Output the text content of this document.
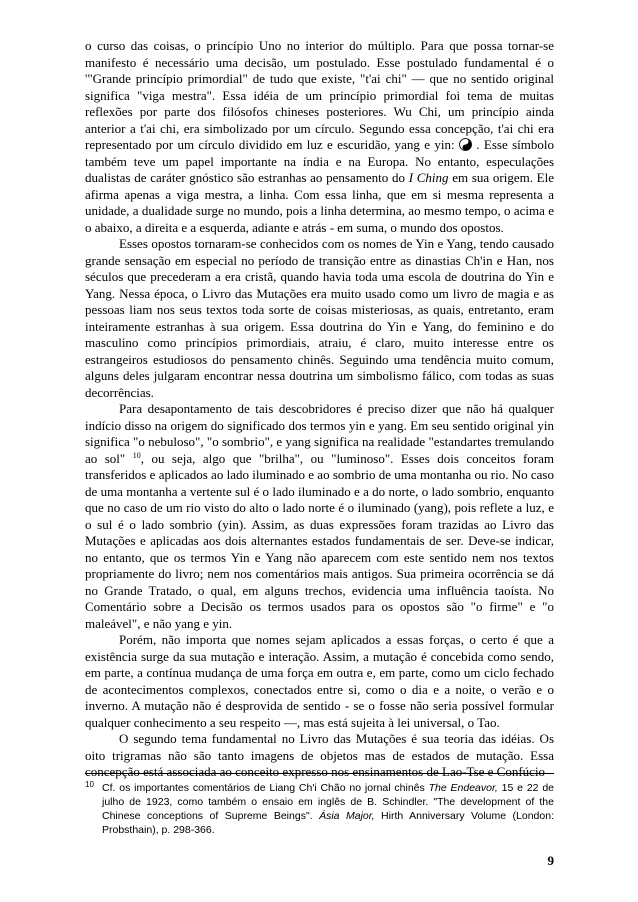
o curso das coisas, o princípio Uno no interior do múltiplo. Para que possa tornar-se manifesto é necessário uma decisão, um postulado. Esse postulado fundamental é o '"Grande princípio primordial" de tudo que existe, "t'ai chi" — que no sentido original significa "viga mestra". Essa idéia de um princípio primordial foi tema de muitas reflexões por parte dos filósofos chineses posteriores. Wu Chi, um princípio ainda anterior a t'ai chi, era simbolizado por um círculo. Segundo essa concepção, t'ai chi era representado por um círculo dividido em luz e escuridão, yang e yin:  . Esse símbolo também teve um papel importante na índia e na Europa. No entanto, especulações dualistas de caráter gnóstico são estranhas ao pensamento do I Ching em sua origem. Ele afirma apenas a viga mestra, a linha. Com essa linha, que em si mesma representa a unidade, a dualidade surge no mundo, pois a linha determina, ao mesmo tempo, o acima e o abaixo, a direita e a esquerda, adiante e atrás - em suma, o mundo dos opostos.

Esses opostos tornaram-se conhecidos com os nomes de Yin e Yang, tendo causado grande sensação em especial no período de transição entre as dinastias Ch'in e Han, nos séculos que precederam a era cristã, quando havia toda uma escola de doutrina do Yin e Yang. Nessa época, o Livro das Mutações era muito usado como um livro de magia e as pessoas liam nos seus textos toda sorte de coisas misteriosas, as quais, entretanto, eram inteiramente estranhas à sua origem. Essa doutrina do Yin e Yang, do feminino e do masculino como princípios primordiais, atraiu, é claro, muito interesse entre os estrangeiros estudiosos do pensamento chinês. Seguindo uma tendência muito comum, alguns deles julgaram encontrar nessa doutrina um simbolismo fálico, com todas as suas decorrências.

Para desapontamento de tais descobridores é preciso dizer que não há qualquer indício disso na origem do significado dos termos yin e yang. Em seu sentido original yin significa "o nebuloso", "o sombrio", e yang significa na realidade "estandartes tremulando ao sol" $^{10}$, ou seja, algo que "brilha", ou "luminoso". Esses dois conceitos foram transferidos e aplicados ao lado iluminado e ao sombrio de uma montanha ou rio. No caso de uma montanha a vertente sul é o lado iluminado e a do norte, o lado sombrio, enquanto que no caso de um rio visto do alto o lado norte é o iluminado (yang), pois reflete a luz, e o sul é o lado sombrio (yin). Assim, as duas expressões foram trazidas ao Livro das Mutações e aplicadas aos dois alternantes estados fundamentais de ser. Deve-se indicar, no entanto, que os termos Yin e Yang não aparecem com este sentido nem nos textos propriamente do livro; nem nos comentários mais antigos. Sua primeira ocorrência se dá no Grande Tratado, o qual, em alguns trechos, evidencia uma influência taoísta. No Comentário sobre a Decisão os termos usados para os opostos são "o firme" e "o maleável", e não yang e yin.

Porém, não importa que nomes sejam aplicados a essas forças, o certo é que a existência surge da sua mutação e interação. Assim, a mutação é concebida como sendo, em parte, a contínua mudança de uma força em outra e, em parte, como um ciclo fechado de acontecimentos complexos, conectados entre si, como o dia e a noite, o verão e o inverno. A mutação não é desprovida de sentido - se o fosse não seria possível formular qualquer conhecimento a seu respeito —, mas está sujeita à lei universal, o Tao.

O segundo tema fundamental no Livro das Mutações é sua teoria das idéias. Os oito trigramas não são tanto imagens de objetos mas de estados de mutação. Essa concepção está associada ao conceito expresso nos ensinamentos de Lao-Tse e Confúcio

10 Cf. os importantes comentários de Liang Ch'i Chão no jornal chinês The Endeavor, 15 e 22 de julho de 1923, como também o ensaio em inglês de B. Schindler. "The development of the Chinese conceptions of Supreme Beings". Ásia Major, Hirth Anniversary Volume (London: Probsthain), p. 298-366.
9
